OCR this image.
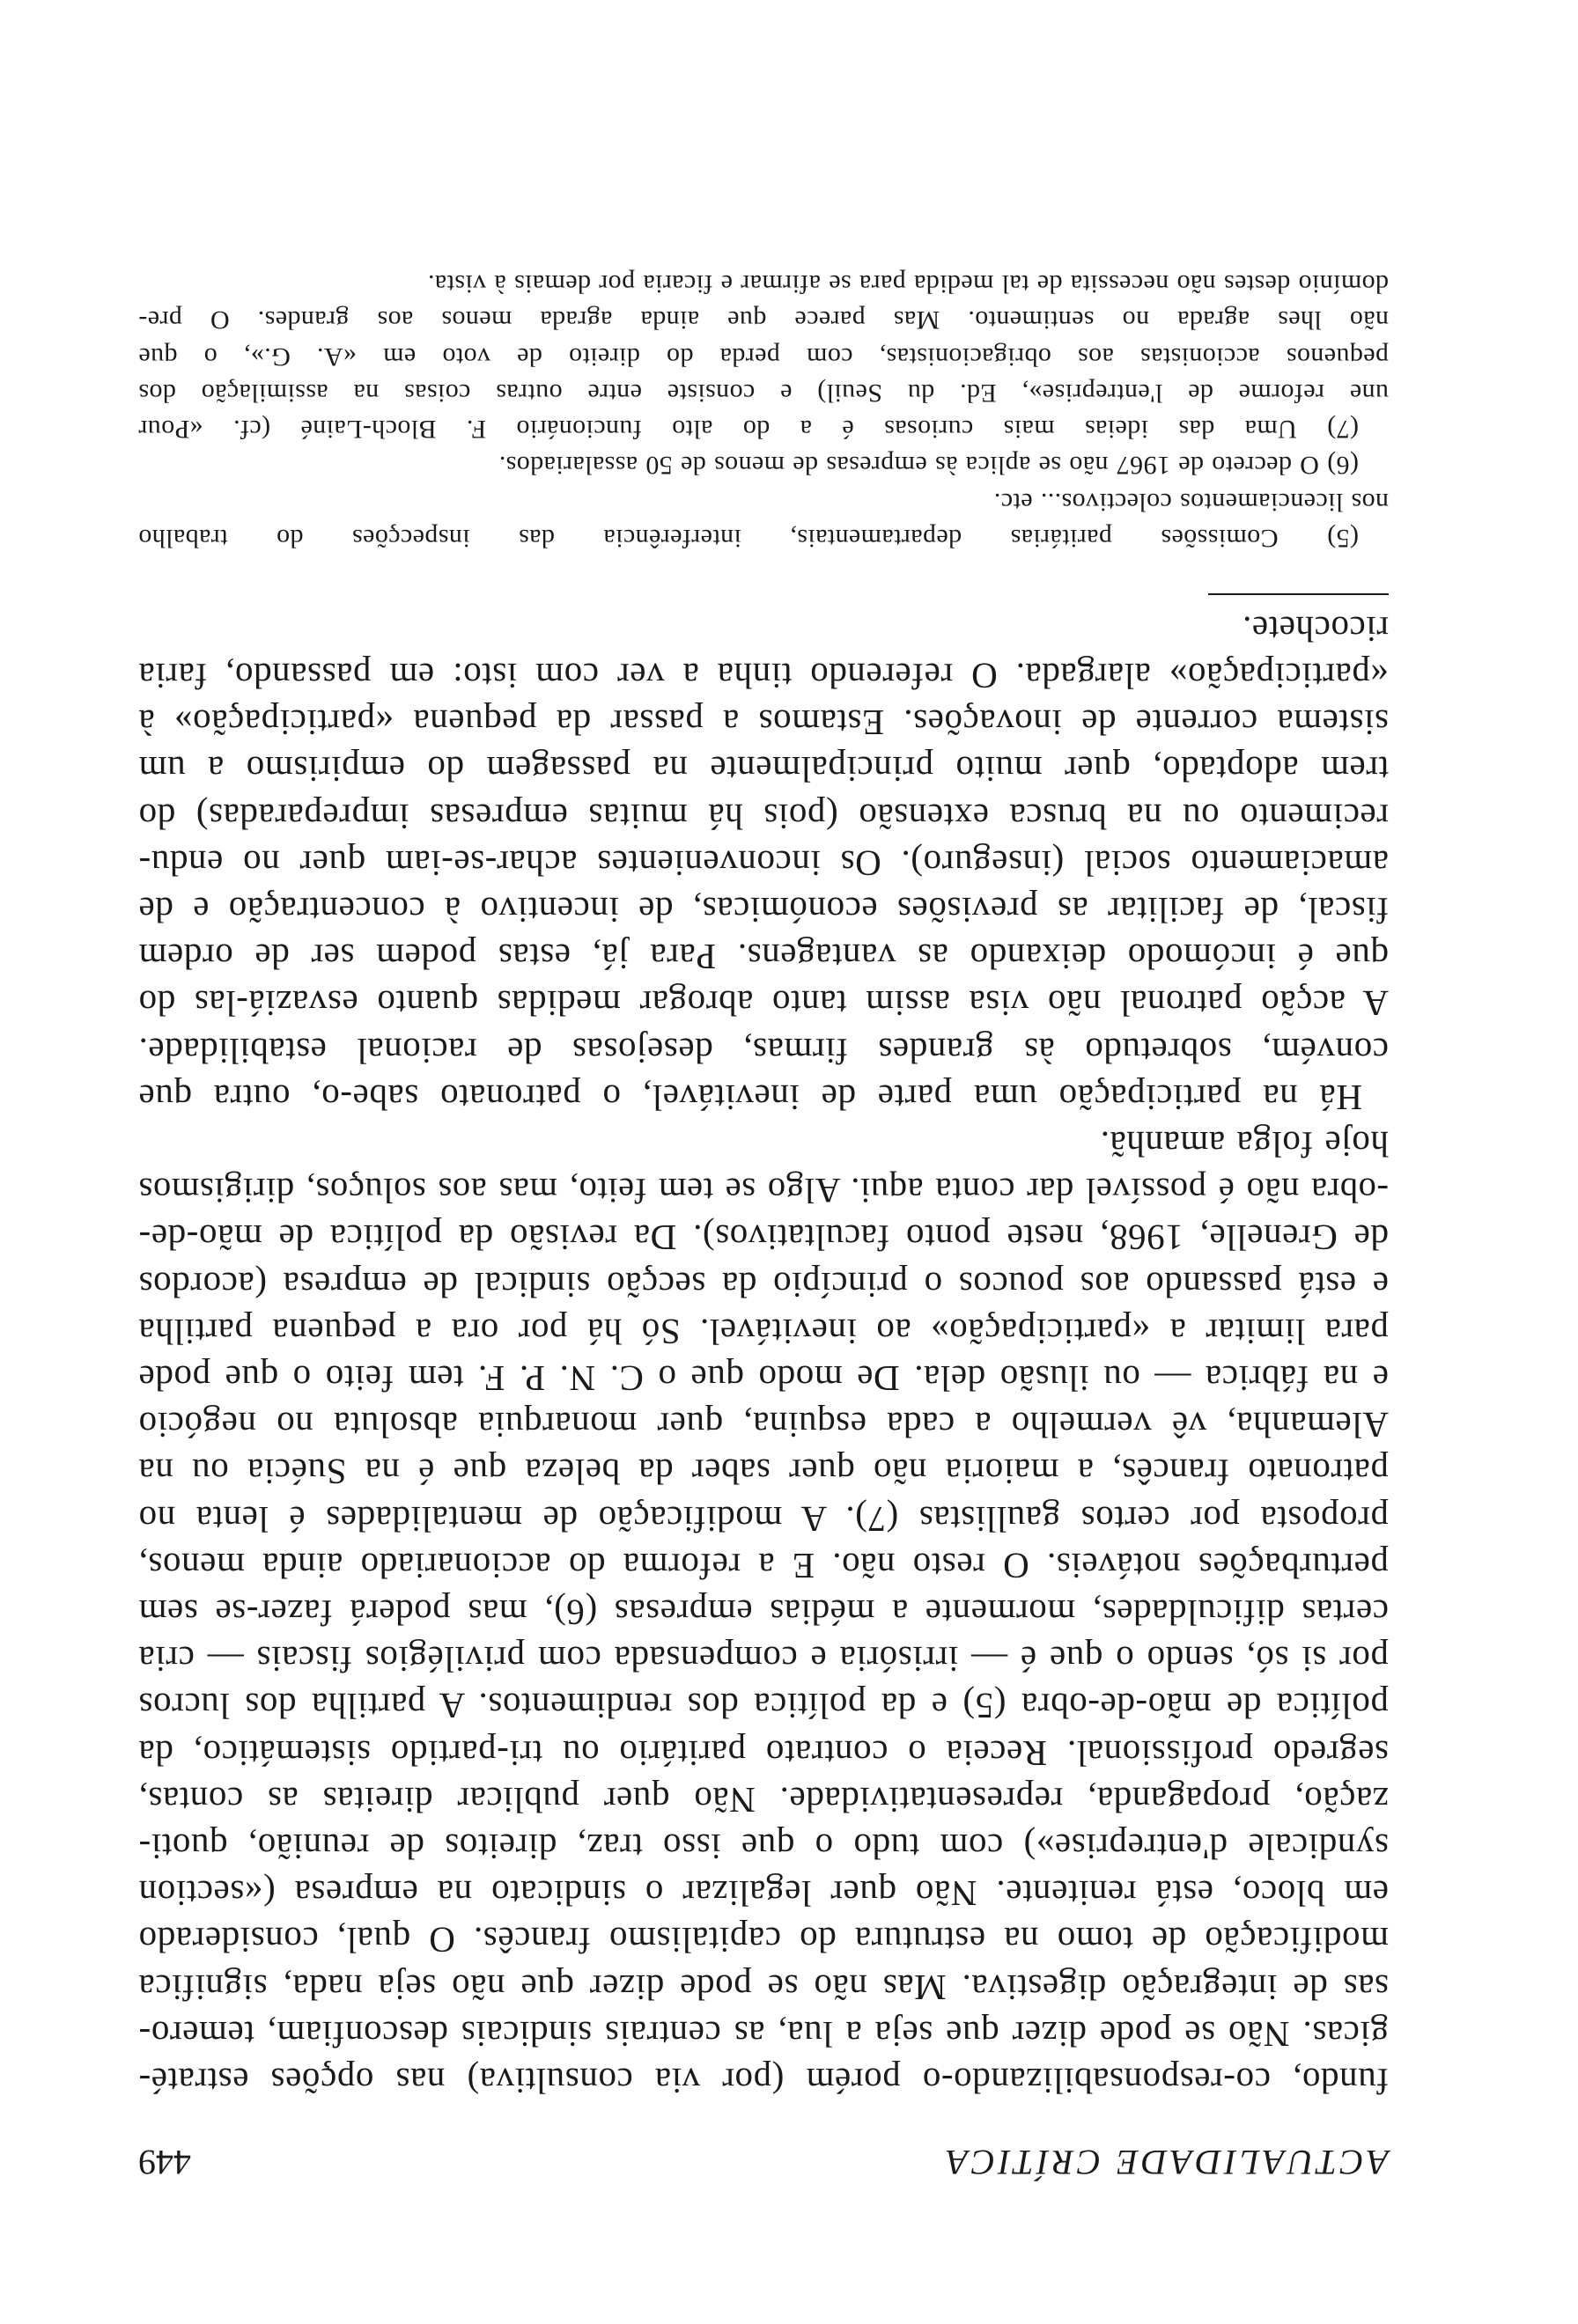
ACTUALIDADE CRÍTICA
449
fundo, co-responsabilizando-o porém (por via consultiva) nas opções estraté-
gicas. Não se pode dizer que seja a lua, as centrais sindicais desconfiam, temero-
sas de integração digestiva. Mas não se pode dizer que não seja nada, significa
modificação de tomo na estrutura do capitalismo francês. O qual, considerado
em bloco, está renitente. Não quer legalizar o sindicato na empresa («section
syndicale d'entreprise») com tudo o que isso traz, direitos de reunião, quoti-
zação, propaganda, representatividade. Não quer publicar direitas as contas,
segredo profissional. Receia o contrato paritário ou tri-partido sistemático, da
política de mão-de-obra (5) e da política dos rendimentos. A partilha dos lucros
por si só, sendo o que é — irrisória e compensada com privilégios fiscais — cria
certas dificuldades, mormente a médias empresas (6), mas poderá fazer-se sem
perturbações notáveis. O resto não. E a reforma do accionariado ainda menos,
proposta por certos gaullistas (7). A modificação de mentalidades é lenta no
patronato francês, a maioria não quer saber da beleza que é na Suécia ou na
Alemanha, vê vermelho a cada esquina, quer monarquia absoluta no negócio
e na fábrica — ou ilusão dela. De modo que o C. N. P. F. tem feito o que pode
para limitar a «participação» ao inevitável. Só há por ora a pequena partilha
e está passando aos poucos o princípio da secção sindical de empresa (acordos
de Grenelle, 1968, neste ponto facultativos). Da revisão da política de mão-de-
-obra não é possível dar conta aqui. Algo se tem feito, mas aos soluços, dirigismos
hoje folga amanhã.
Há na participação uma parte de inevitável, o patronato sabe-o, outra que
convém, sobretudo às grandes firmas, desejosas de racional estabilidade.
A acção patronal não visa assim tanto abrogar medidas quanto esvaziá-las do
que é incómodo deixando as vantagens. Para já, estas podem ser de ordem
fiscal, de facilitar as previsões económicas, de incentivo à concentração e de
amaciamento social (inseguro). Os inconvenientes achar-se-iam quer no endu-
recimento ou na brusca extensão (pois há muitas empresas impreparadas) do
trem adoptado, quer muito principalmente na passagem do empirismo a um
sistema corrente de inovações. Estamos a passar da pequena «participação» à
«participação» alargada. O referendo tinha a ver com isto: em passando, faria
ricochete.
(5) Comissões paritárias departamentais, interferência das inspecções do trabalho
nos licenciamentos colectivos... etc.
(6) O decreto de 1967 não se aplica às empresas de menos de 50 assalariados.
(7) Uma das ideias mais curiosas é a do alto funcionário F. Bloch-Lainé (cf. «Pour
une reforme de l'entreprise», Ed. du Seuil) e consiste entre outras coisas na assimilação dos
pequenos accionistas aos obrigacionistas, com perda do direito de voto em «A. G.», o que
não lhes agrada no sentimento. Mas parece que ainda agrada menos aos grandes. O pre-
domínio destes não necessita de tal medida para se afirmar e ficaria por demais à vista.
